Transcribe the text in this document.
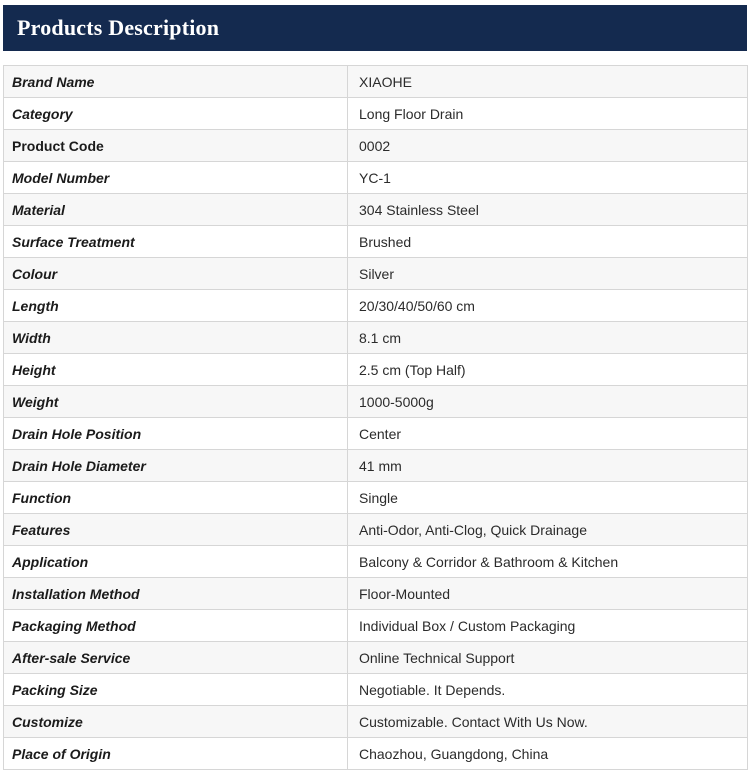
Products Description
Brand Name	XIAOHE
Category	Long Floor Drain
Product Code	0002
Model Number	YC-1
Material	304 Stainless Steel
Surface Treatment	Brushed
Colour	Silver
Length	20/30/40/50/60 cm
Width	8.1 cm
Height	2.5 cm (Top Half)
Weight	1000-5000g
Drain Hole Position	Center
Drain Hole Diameter	41 mm
Function	Single
Features	Anti-Odor, Anti-Clog, Quick Drainage
Application	Balcony & Corridor & Bathroom & Kitchen
Installation Method	Floor-Mounted
Packaging Method	Individual Box / Custom Packaging
After-sale Service	Online Technical Support
Packing Size	Negotiable. It Depends.
Customize	Customizable. Contact With Us Now.
Place of Origin	Chaozhou, Guangdong, China
